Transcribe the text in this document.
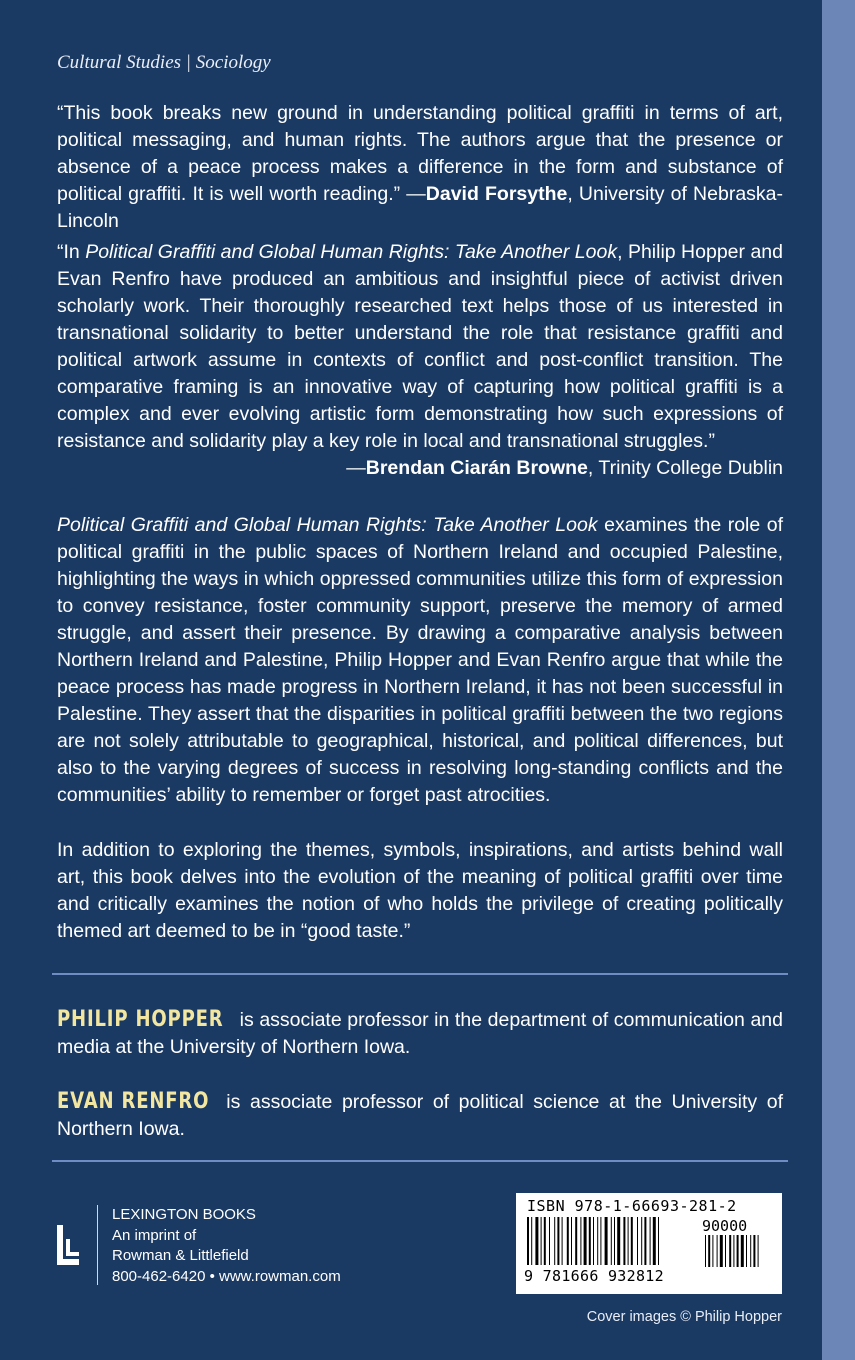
Cultural Studies | Sociology
“This book breaks new ground in understanding political graffiti in terms of art, political messaging, and human rights. The authors argue that the presence or absence of a peace process makes a difference in the form and substance of political graffiti. It is well worth reading.” —David Forsythe, University of Nebraska-Lincoln
“In Political Graffiti and Global Human Rights: Take Another Look, Philip Hopper and Evan Renfro have produced an ambitious and insightful piece of activist driven scholarly work. Their thoroughly researched text helps those of us interested in transnational solidarity to better understand the role that resistance graffiti and political artwork assume in contexts of conflict and post-conflict transition. The comparative framing is an innovative way of capturing how political graffiti is a complex and ever evolving artistic form demonstrating how such expressions of resistance and solidarity play a key role in local and transnational struggles.”
—Brendan Ciarán Browne, Trinity College Dublin
Political Graffiti and Global Human Rights: Take Another Look examines the role of political graffiti in the public spaces of Northern Ireland and occupied Palestine, highlighting the ways in which oppressed communities utilize this form of expression to convey resistance, foster community support, preserve the memory of armed struggle, and assert their presence. By drawing a comparative analysis between Northern Ireland and Palestine, Philip Hopper and Evan Renfro argue that while the peace process has made progress in Northern Ireland, it has not been successful in Palestine. They assert that the disparities in political graffiti between the two regions are not solely attributable to geographical, historical, and political differences, but also to the varying degrees of success in resolving long-standing conflicts and the communities’ ability to remember or forget past atrocities.
In addition to exploring the themes, symbols, inspirations, and artists behind wall art, this book delves into the evolution of the meaning of political graffiti over time and critically examines the notion of who holds the privilege of creating politically themed art deemed to be in “good taste.”
PHILIP HOPPER is associate professor in the department of communication and media at the University of Northern Iowa.
EVAN RENFRO is associate professor of political science at the University of Northern Iowa.
LEXINGTON BOOKS
An imprint of
Rowman & Littlefield
800-462-6420 • www.rowman.com
ISBN 978-1-66693-281-2
90000
9 781666 932812
Cover images © Philip Hopper
